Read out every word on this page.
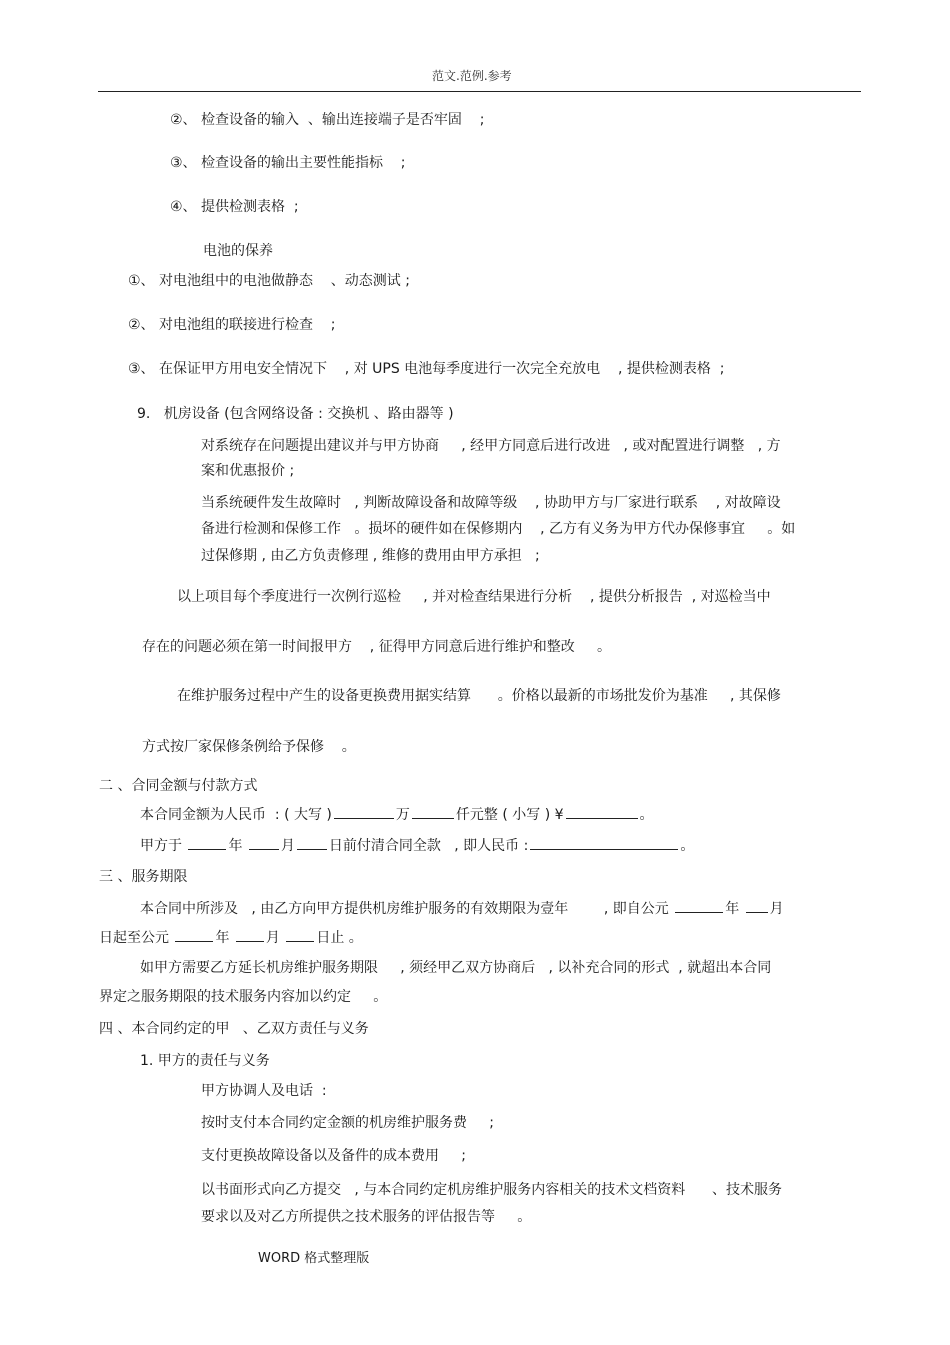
范文.范例.参考
②、 检查设备的输入  、输出连接端子是否牢固    ;
③、 检查设备的输出主要性能指标    ;
④、 提供检测表格  ;
电池的保养
①、 对电池组中的电池做静态    、动态测试 ;
②、 对电池组的联接进行检查    ;
③、 在保证甲方用电安全情况下    , 对 UPS 电池每季度进行一次完全充放电    , 提供检测表格  ;
9.   机房设备 (包含网络设备 : 交换机 、路由器等 )
对系统存在问题提出建议并与甲方协商     , 经甲方同意后进行改进   , 或对配置进行调整   , 方
案和优惠报价 ;
当系统硬件发生故障时   , 判断故障设备和故障等级    , 协助甲方与厂家进行联系    , 对故障设
备进行检测和保修工作   。损坏的硬件如在保修期内    , 乙方有义务为甲方代办保修事宜     。如
过保修期 , 由乙方负责修理 , 维修的费用由甲方承担   ;
以上项目每个季度进行一次例行巡检     , 并对检查结果进行分析    , 提供分析报告  , 对巡检当中
存在的问题必须在第一时间报甲方    , 征得甲方同意后进行维护和整改     。
在维护服务过程中产生的设备更换费用据实结算      。价格以最新的市场批发价为基准     , 其保修
方式按厂家保修条例给予保修    。
二 、合同金额与付款方式
本合同金额为人民币  : ( 大写 )	万	仟元整 ( 小写 ) ¥	。
甲方于	年	月 日前付清合同全款   , 即人民币 :	。
三 、服务期限
本合同中所涉及   , 由乙方向甲方提供机房维护服务的有效期限为壹年        , 即自公元	年 月
日起至公元	年	月	日止 。
如甲方需要乙方延长机房维护服务期限     , 须经甲乙双方协商后   , 以补充合同的形式  , 就超出本合同
界定之服务期限的技术服务内容加以约定     。
四 、本合同约定的甲   、乙双方责任与义务
1. 甲方的责任与义务
甲方协调人及电话  :
按时支付本合同约定金额的机房维护服务费     ;
支付更换故障设备以及备件的成本费用     ;
以书面形式向乙方提交   , 与本合同约定机房维护服务内容相关的技术文档资料      、技术服务
要求以及对乙方所提供之技术服务的评估报告等     。
WORD 格式整理版
